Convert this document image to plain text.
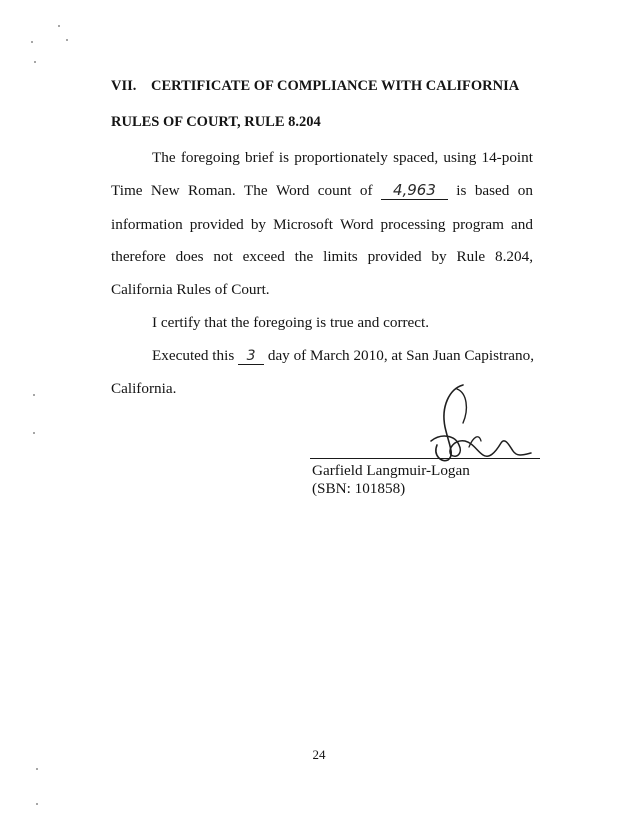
VII. CERTIFICATE OF COMPLIANCE WITH CALIFORNIA
RULES OF COURT, RULE 8.204
The foregoing brief is proportionately spaced, using 14-point
Time New Roman. The Word count of	4,963	is based on
information provided by Microsoft Word processing program and
therefore does not exceed the limits provided by Rule 8.204,
California Rules of Court.
I certify that the foregoing is true and correct.
Executed this 3 day of March 2010, at San Juan Capistrano,
California.
Garfield Langmuir-Logan
(SBN: 101858)
24
